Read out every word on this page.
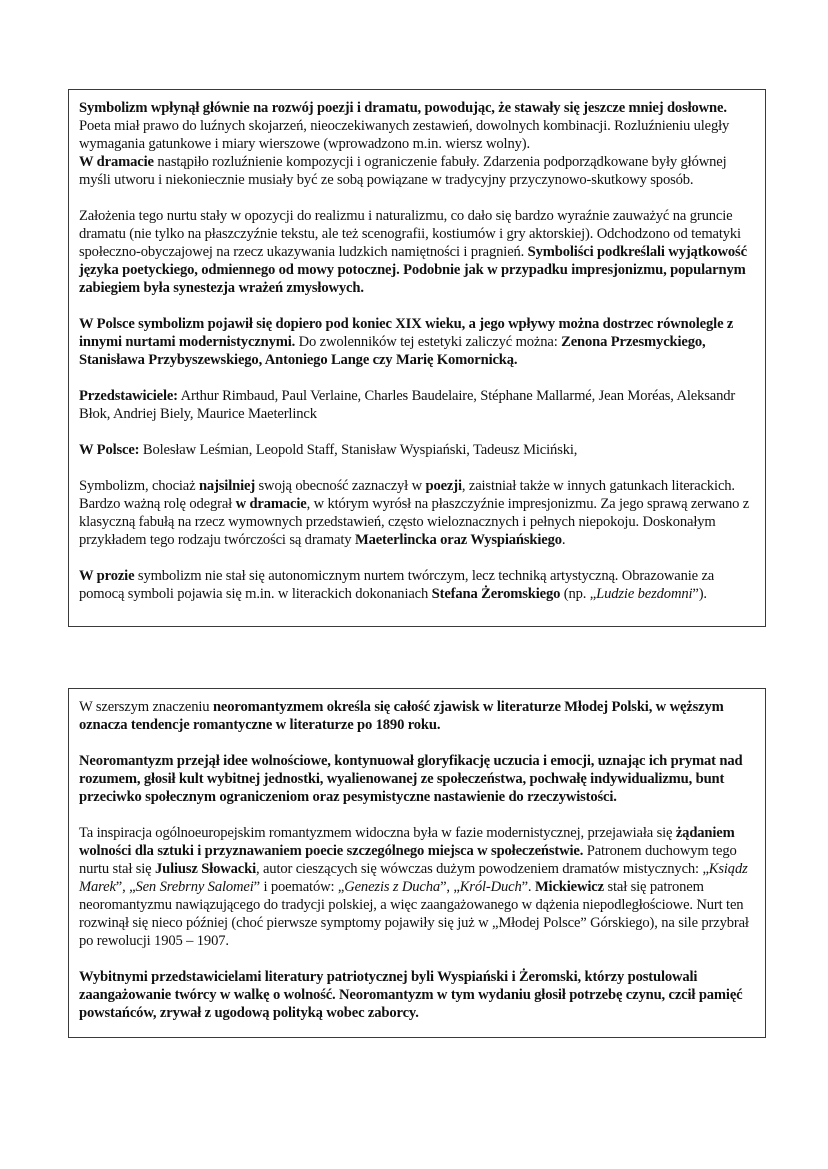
Symbolizm wpłynął głównie na rozwój poezji i dramatu, powodując, że stawały się jeszcze mniej dosłowne. Poeta miał prawo do luźnych skojarzeń, nieoczekiwanych zestawień, dowolnych kombinacji. Rozluźnieniu uległy wymagania gatunkowe i miary wierszowe (wprowadzono m.in. wiersz wolny).

W dramacie nastąpiło rozluźnienie kompozycji i ograniczenie fabuły. Zdarzenia podporządkowane były głównej myśli utworu i niekoniecznie musiały być ze sobą powiązane w tradycyjny przyczynowo-skutkowy sposób.

Założenia tego nurtu stały w opozycji do realizmu i naturalizmu, co dało się bardzo wyraźnie zauważyć na gruncie dramatu (nie tylko na płaszczyźnie tekstu, ale też scenografii, kostiumów i gry aktorskiej). Odchodzono od tematyki społeczno-obyczajowej na rzecz ukazywania ludzkich namiętności i pragnień. Symboliści podkreślali wyjątkowość języka poetyckiego, odmiennego od mowy potocznej. Podobnie jak w przypadku impresjonizmu, popularnym zabiegiem była synestezja wrażeń zmysłowych.

W Polsce symbolizm pojawił się dopiero pod koniec XIX wieku, a jego wpływy można dostrzec równolegle z innymi nurtami modernistycznymi. Do zwolenników tej estetyki zaliczyć można: Zenona Przesmyckiego, Stanisława Przybyszewskiego, Antoniego Lange czy Marię Komornicką.

Przedstawiciele: Arthur Rimbaud, Paul Verlaine, Charles Baudelaire, Stéphane Mallarmé, Jean Moréas, Aleksandr Błok, Andriej Biely, Maurice Maeterlinck

W Polsce: Bolesław Leśmian, Leopold Staff, Stanisław Wyspiański, Tadeusz Miciński,

Symbolizm, chociaż najsilniej swoją obecność zaznaczył w poezji, zaistniał także w innych gatunkach literackich. Bardzo ważną rolę odegrał w dramacie, w którym wyrósł na płaszczyźnie impresjonizmu. Za jego sprawą zerwano z klasyczną fabułą na rzecz wymownych przedstawień, często wieloznacznych i pełnych niepokoju. Doskonałym przykładem tego rodzaju twórczości są dramaty Maeterlincka oraz Wyspiańskiego.

W prozie symbolizm nie stał się autonomicznym nurtem twórczym, lecz techniką artystyczną. Obrazowanie za pomocą symboli pojawia się m.in. w literackich dokonaniach Stefana Żeromskiego (np. „Ludzie bezdomni”).

W szerszym znaczeniu neoromantyzmem określa się całość zjawisk w literaturze Młodej Polski, w węższym oznacza tendencje romantyczne w literaturze po 1890 roku.

Neoromantyzm przejął idee wolnościowe, kontynuował gloryfikację uczucia i emocji, uznając ich prymat nad rozumem, głosił kult wybitnej jednostki, wyalienowanej ze społeczeństwa, pochwałę indywidualizmu, bunt przeciwko społecznym ograniczeniom oraz pesymistyczne nastawienie do rzeczywistości.

Ta inspiracja ogólnoeuropejskim romantyzmem widoczna była w fazie modernistycznej, przejawiała się żądaniem wolności dla sztuki i przyznawaniem poecie szczególnego miejsca w społeczeństwie. Patronem duchowym tego nurtu stał się Juliusz Słowacki, autor cieszących się wówczas dużym powodzeniem dramatów mistycznych: „Ksiądz Marek”, „Sen Srebrny Salomei” i poematów: „Genezis z Ducha”, „Król-Duch”. Mickiewicz stał się patronem neoromantyzmu nawiązującego do tradycji polskiej, a więc zaangażowanego w dążenia niepodległościowe. Nurt ten rozwinął się nieco później (choć pierwsze symptomy pojawiły się już w „Młodej Polsce” Górskiego), na sile przybrał po rewolucji 1905 – 1907.

Wybitnymi przedstawicielami literatury patriotycznej byli Wyspiański i Żeromski, którzy postulowali zaangażowanie twórcy w walkę o wolność. Neoromantyzm w tym wydaniu głosił potrzebę czynu, czcił pamięć powstańców, zrywał z ugodową polityką wobec zaborcy.
